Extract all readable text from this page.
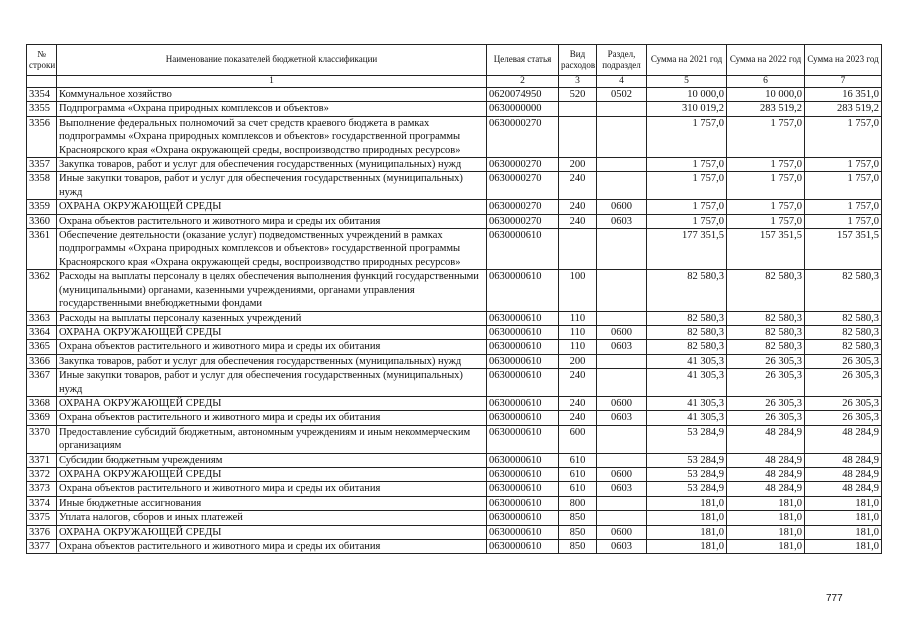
№ строки	Наименование показателей бюджетной классификации	Целевая статья	Вид расходов	Раздел, подраздел	Сумма на 2021 год	Сумма на 2022 год	Сумма на 2023 год
	1	2	3	4	5	6	7
3354	Коммунальное хозяйство	0620074950	520	0502	10 000,0	10 000,0	16 351,0
3355	Подпрограмма «Охрана природных комплексов и объектов»	0630000000			310 019,2	283 519,2	283 519,2
3356	Выполнение федеральных полномочий за счет средств краевого бюджета в рамках подпрограммы «Охрана природных комплексов и объектов» государственной программы Красноярского края «Охрана окружающей среды, воспроизводство природных ресурсов»	0630000270			1 757,0	1 757,0	1 757,0
3357	Закупка товаров, работ и услуг для обеспечения государственных (муниципальных) нужд	0630000270	200		1 757,0	1 757,0	1 757,0
3358	Иные закупки товаров, работ и услуг для обеспечения государственных (муниципальных) нужд	0630000270	240		1 757,0	1 757,0	1 757,0
3359	ОХРАНА ОКРУЖАЮЩЕЙ СРЕДЫ	0630000270	240	0600	1 757,0	1 757,0	1 757,0
3360	Охрана объектов растительного и животного мира и среды их обитания	0630000270	240	0603	1 757,0	1 757,0	1 757,0
3361	Обеспечение деятельности (оказание услуг) подведомственных учреждений в рамках подпрограммы «Охрана природных комплексов и объектов» государственной программы Красноярского края «Охрана окружающей среды, воспроизводство природных ресурсов»	0630000610			177 351,5	157 351,5	157 351,5
3362	Расходы на выплаты персоналу в целях обеспечения выполнения функций государственными (муниципальными) органами, казенными учреждениями, органами управления государственными внебюджетными фондами	0630000610	100		82 580,3	82 580,3	82 580,3
3363	Расходы на выплаты персоналу казенных учреждений	0630000610	110		82 580,3	82 580,3	82 580,3
3364	ОХРАНА ОКРУЖАЮЩЕЙ СРЕДЫ	0630000610	110	0600	82 580,3	82 580,3	82 580,3
3365	Охрана объектов растительного и животного мира и среды их обитания	0630000610	110	0603	82 580,3	82 580,3	82 580,3
3366	Закупка товаров, работ и услуг для обеспечения государственных (муниципальных) нужд	0630000610	200		41 305,3	26 305,3	26 305,3
3367	Иные закупки товаров, работ и услуг для обеспечения государственных (муниципальных) нужд	0630000610	240		41 305,3	26 305,3	26 305,3
3368	ОХРАНА ОКРУЖАЮЩЕЙ СРЕДЫ	0630000610	240	0600	41 305,3	26 305,3	26 305,3
3369	Охрана объектов растительного и животного мира и среды их обитания	0630000610	240	0603	41 305,3	26 305,3	26 305,3
3370	Предоставление субсидий бюджетным, автономным учреждениям и иным некоммерческим организациям	0630000610	600		53 284,9	48 284,9	48 284,9
3371	Субсидии бюджетным учреждениям	0630000610	610		53 284,9	48 284,9	48 284,9
3372	ОХРАНА ОКРУЖАЮЩЕЙ СРЕДЫ	0630000610	610	0600	53 284,9	48 284,9	48 284,9
3373	Охрана объектов растительного и животного мира и среды их обитания	0630000610	610	0603	53 284,9	48 284,9	48 284,9
3374	Иные бюджетные ассигнования	0630000610	800		181,0	181,0	181,0
3375	Уплата налогов, сборов и иных платежей	0630000610	850		181,0	181,0	181,0
3376	ОХРАНА ОКРУЖАЮЩЕЙ СРЕДЫ	0630000610	850	0600	181,0	181,0	181,0
3377	Охрана объектов растительного и животного мира и среды их обитания	0630000610	850	0603	181,0	181,0	181,0
777
